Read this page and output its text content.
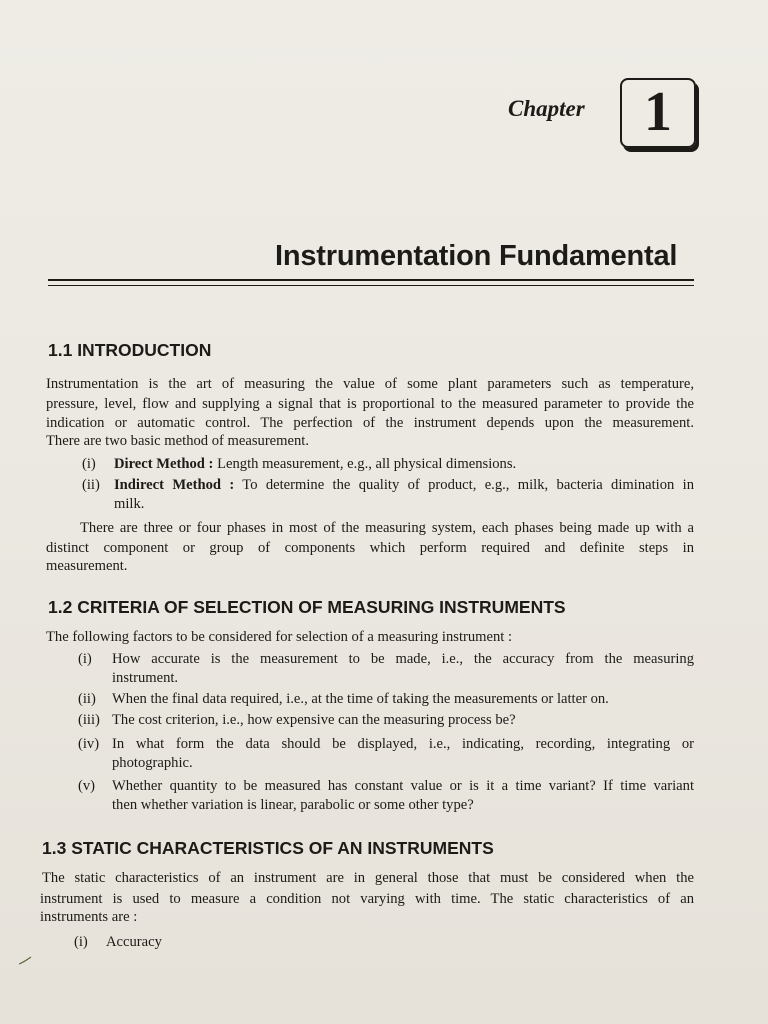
Chapter	1
Instrumentation Fundamental
1.1 INTRODUCTION

Instrumentation is the art of measuring the value of some plant parameters such as temperature,

pressure, level, flow and supplying a signal that is proportional to the measured parameter to provide the

indication or automatic control. The perfection of the instrument depends upon the measurement.

There are two basic method of measurement.

(i) Direct Method : Length measurement, e.g., all physical dimensions.
(ii) Indirect Method : To determine the quality of product, e.g., milk, bacteria dimination in
milk.

There are three or four phases in most of the measuring system, each phases being made up with a

distinct component or group of components which perform required and definite steps in

measurement.

1.2 CRITERIA OF SELECTION OF MEASURING INSTRUMENTS

The following factors to be considered for selection of a measuring instrument :

(i) How accurate is the measurement to be made, i.e., the accuracy from the measuring
instrument.
(ii) When the final data required, i.e., at the time of taking the measurements or latter on.
(iii) The cost criterion, i.e., how expensive can the measuring process be?
(iv) In what form the data should be displayed, i.e., indicating, recording, integrating or
photographic.
(v) Whether quantity to be measured has constant value or is it a time variant? If time variant
then whether variation is linear, parabolic or some other type?
1.3 STATIC CHARACTERISTICS OF AN INSTRUMENTS

The static characteristics of an instrument are in general those that must be considered when the

instrument is used to measure a condition not varying with time. The static characteristics of an

instruments are :

(i) Accuracy
